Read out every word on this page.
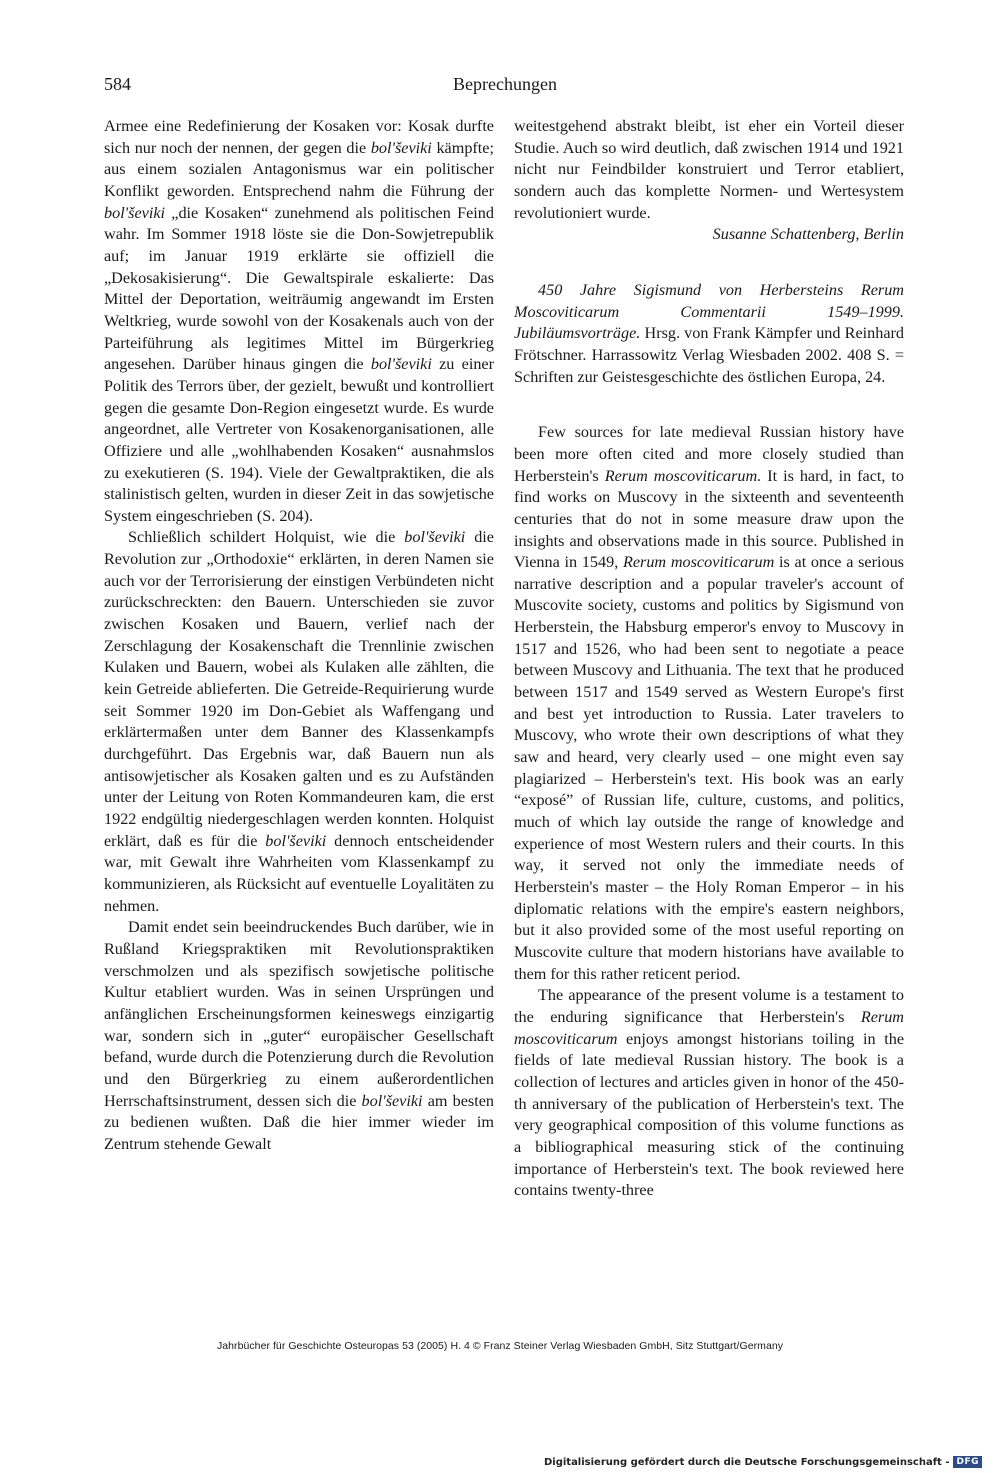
Beprechungen
584

Armee eine Redefinierung der Kosaken vor: Kosak durfte sich nur noch der nennen, der gegen die bol'ševiki kämpfte; aus einem sozialen Antagonismus war ein politischer Konflikt geworden. Entsprechend nahm die Führung der bol'ševiki „die Kosaken“ zunehmend als politischen Feind wahr. Im Sommer 1918 löste sie die Don-Sowjetrepublik auf; im Januar 1919 erklärte sie offiziell die „Dekosakisierung“. Die Gewaltspirale eskalierte: Das Mittel der Deportation, weiträumig angewandt im Ersten Weltkrieg, wurde sowohl von der Kosakenals auch von der Parteiführung als legitimes Mittel im Bürgerkrieg angesehen. Darüber hinaus gingen die bol'ševiki zu einer Politik des Terrors über, der gezielt, bewußt und kontrolliert gegen die gesamte Don-Region eingesetzt wurde. Es wurde angeordnet, alle Vertreter von Kosakenorganisationen, alle Offiziere und alle „wohlhabenden Kosaken“ ausnahmslos zu exekutieren (S. 194). Viele der Gewaltpraktiken, die als stalinistisch gelten, wurden in dieser Zeit in das sowjetische System eingeschrieben (S. 204).

Schließlich schildert Holquist, wie die bol'ševiki die Revolution zur „Orthodoxie“ erklärten, in deren Namen sie auch vor der Terrorisierung der einstigen Verbündeten nicht zurückschreckten: den Bauern. Unterschieden sie zuvor zwischen Kosaken und Bauern, verlief nach der Zerschlagung der Kosakenschaft die Trennlinie zwischen Kulaken und Bauern, wobei als Kulaken alle zählten, die kein Getreide ablieferten. Die Getreide-Requirierung wurde seit Sommer 1920 im Don-Gebiet als Waffengang und erklärtermaßen unter dem Banner des Klassenkampfs durchgeführt. Das Ergebnis war, daß Bauern nun als antisowjetischer als Kosaken galten und es zu Aufständen unter der Leitung von Roten Kommandeuren kam, die erst 1922 endgültig niedergeschlagen werden konnten. Holquist erklärt, daß es für die bol'ševiki dennoch entscheidender war, mit Gewalt ihre Wahrheiten vom Klassenkampf zu kommunizieren, als Rücksicht auf eventuelle Loyalitäten zu nehmen.

Damit endet sein beeindruckendes Buch darüber, wie in Rußland Kriegspraktiken mit Revolutionspraktiken verschmolzen und als spezifisch sowjetische politische Kultur etabliert wurden. Was in seinen Ursprüngen und anfänglichen Erscheinungsformen keineswegs einzigartig war, sondern sich in „guter“ europäischer Gesellschaft befand, wurde durch die Potenzierung durch die Revolution und den Bürgerkrieg zu einem außerordentlichen Herrschaftsinstrument, dessen sich die bol'ševiki am besten zu bedienen wußten. Daß die hier immer wieder im Zentrum stehende Gewalt

weitestgehend abstrakt bleibt, ist eher ein Vorteil dieser Studie. Auch so wird deutlich, daß zwischen 1914 und 1921 nicht nur Feindbilder konstruiert und Terror etabliert, sondern auch das komplette Normen- und Wertesystem revolutioniert wurde.

Susanne Schattenberg, Berlin

450 Jahre Sigismund von Herbersteins Rerum Moscoviticarum Commentarii 1549–1999. Jubiläumsvorträge. Hrsg. von Frank Kämpfer und Reinhard Frötschner. Harrassowitz Verlag Wiesbaden 2002. 408 S. = Schriften zur Geistesgeschichte des östlichen Europa, 24.

Few sources for late medieval Russian history have been more often cited and more closely studied than Herberstein's Rerum moscoviticarum. It is hard, in fact, to find works on Muscovy in the sixteenth and seventeenth centuries that do not in some measure draw upon the insights and observations made in this source. Published in Vienna in 1549, Rerum moscoviticarum is at once a serious narrative description and a popular traveler's account of Muscovite society, customs and politics by Sigismund von Herberstein, the Habsburg emperor's envoy to Muscovy in 1517 and 1526, who had been sent to negotiate a peace between Muscovy and Lithuania. The text that he produced between 1517 and 1549 served as Western Europe's first and best yet introduction to Russia. Later travelers to Muscovy, who wrote their own descriptions of what they saw and heard, very clearly used – one might even say plagiarized – Herberstein's text. His book was an early “exposé” of Russian life, culture, customs, and politics, much of which lay outside the range of knowledge and experience of most Western rulers and their courts. In this way, it served not only the immediate needs of Herberstein's master – the Holy Roman Emperor – in his diplomatic relations with the empire's eastern neighbors, but it also provided some of the most useful reporting on Muscovite culture that modern historians have available to them for this rather reticent period.

The appearance of the present volume is a testament to the enduring significance that Herberstein's Rerum moscoviticarum enjoys amongst historians toiling in the fields of late medieval Russian history. The book is a collection of lectures and articles given in honor of the 450-th anniversary of the publication of Herberstein's text. The very geographical composition of this volume functions as a bibliographical measuring stick of the continuing importance of Herberstein's text. The book reviewed here contains twenty-three

Jahrbücher für Geschichte Osteuropas 53 (2005) H. 4 © Franz Steiner Verlag Wiesbaden GmbH, Sitz Stuttgart/Germany
Digitalisierung gefördert durch die Deutsche Forschungsgemeinschaft - DFG
